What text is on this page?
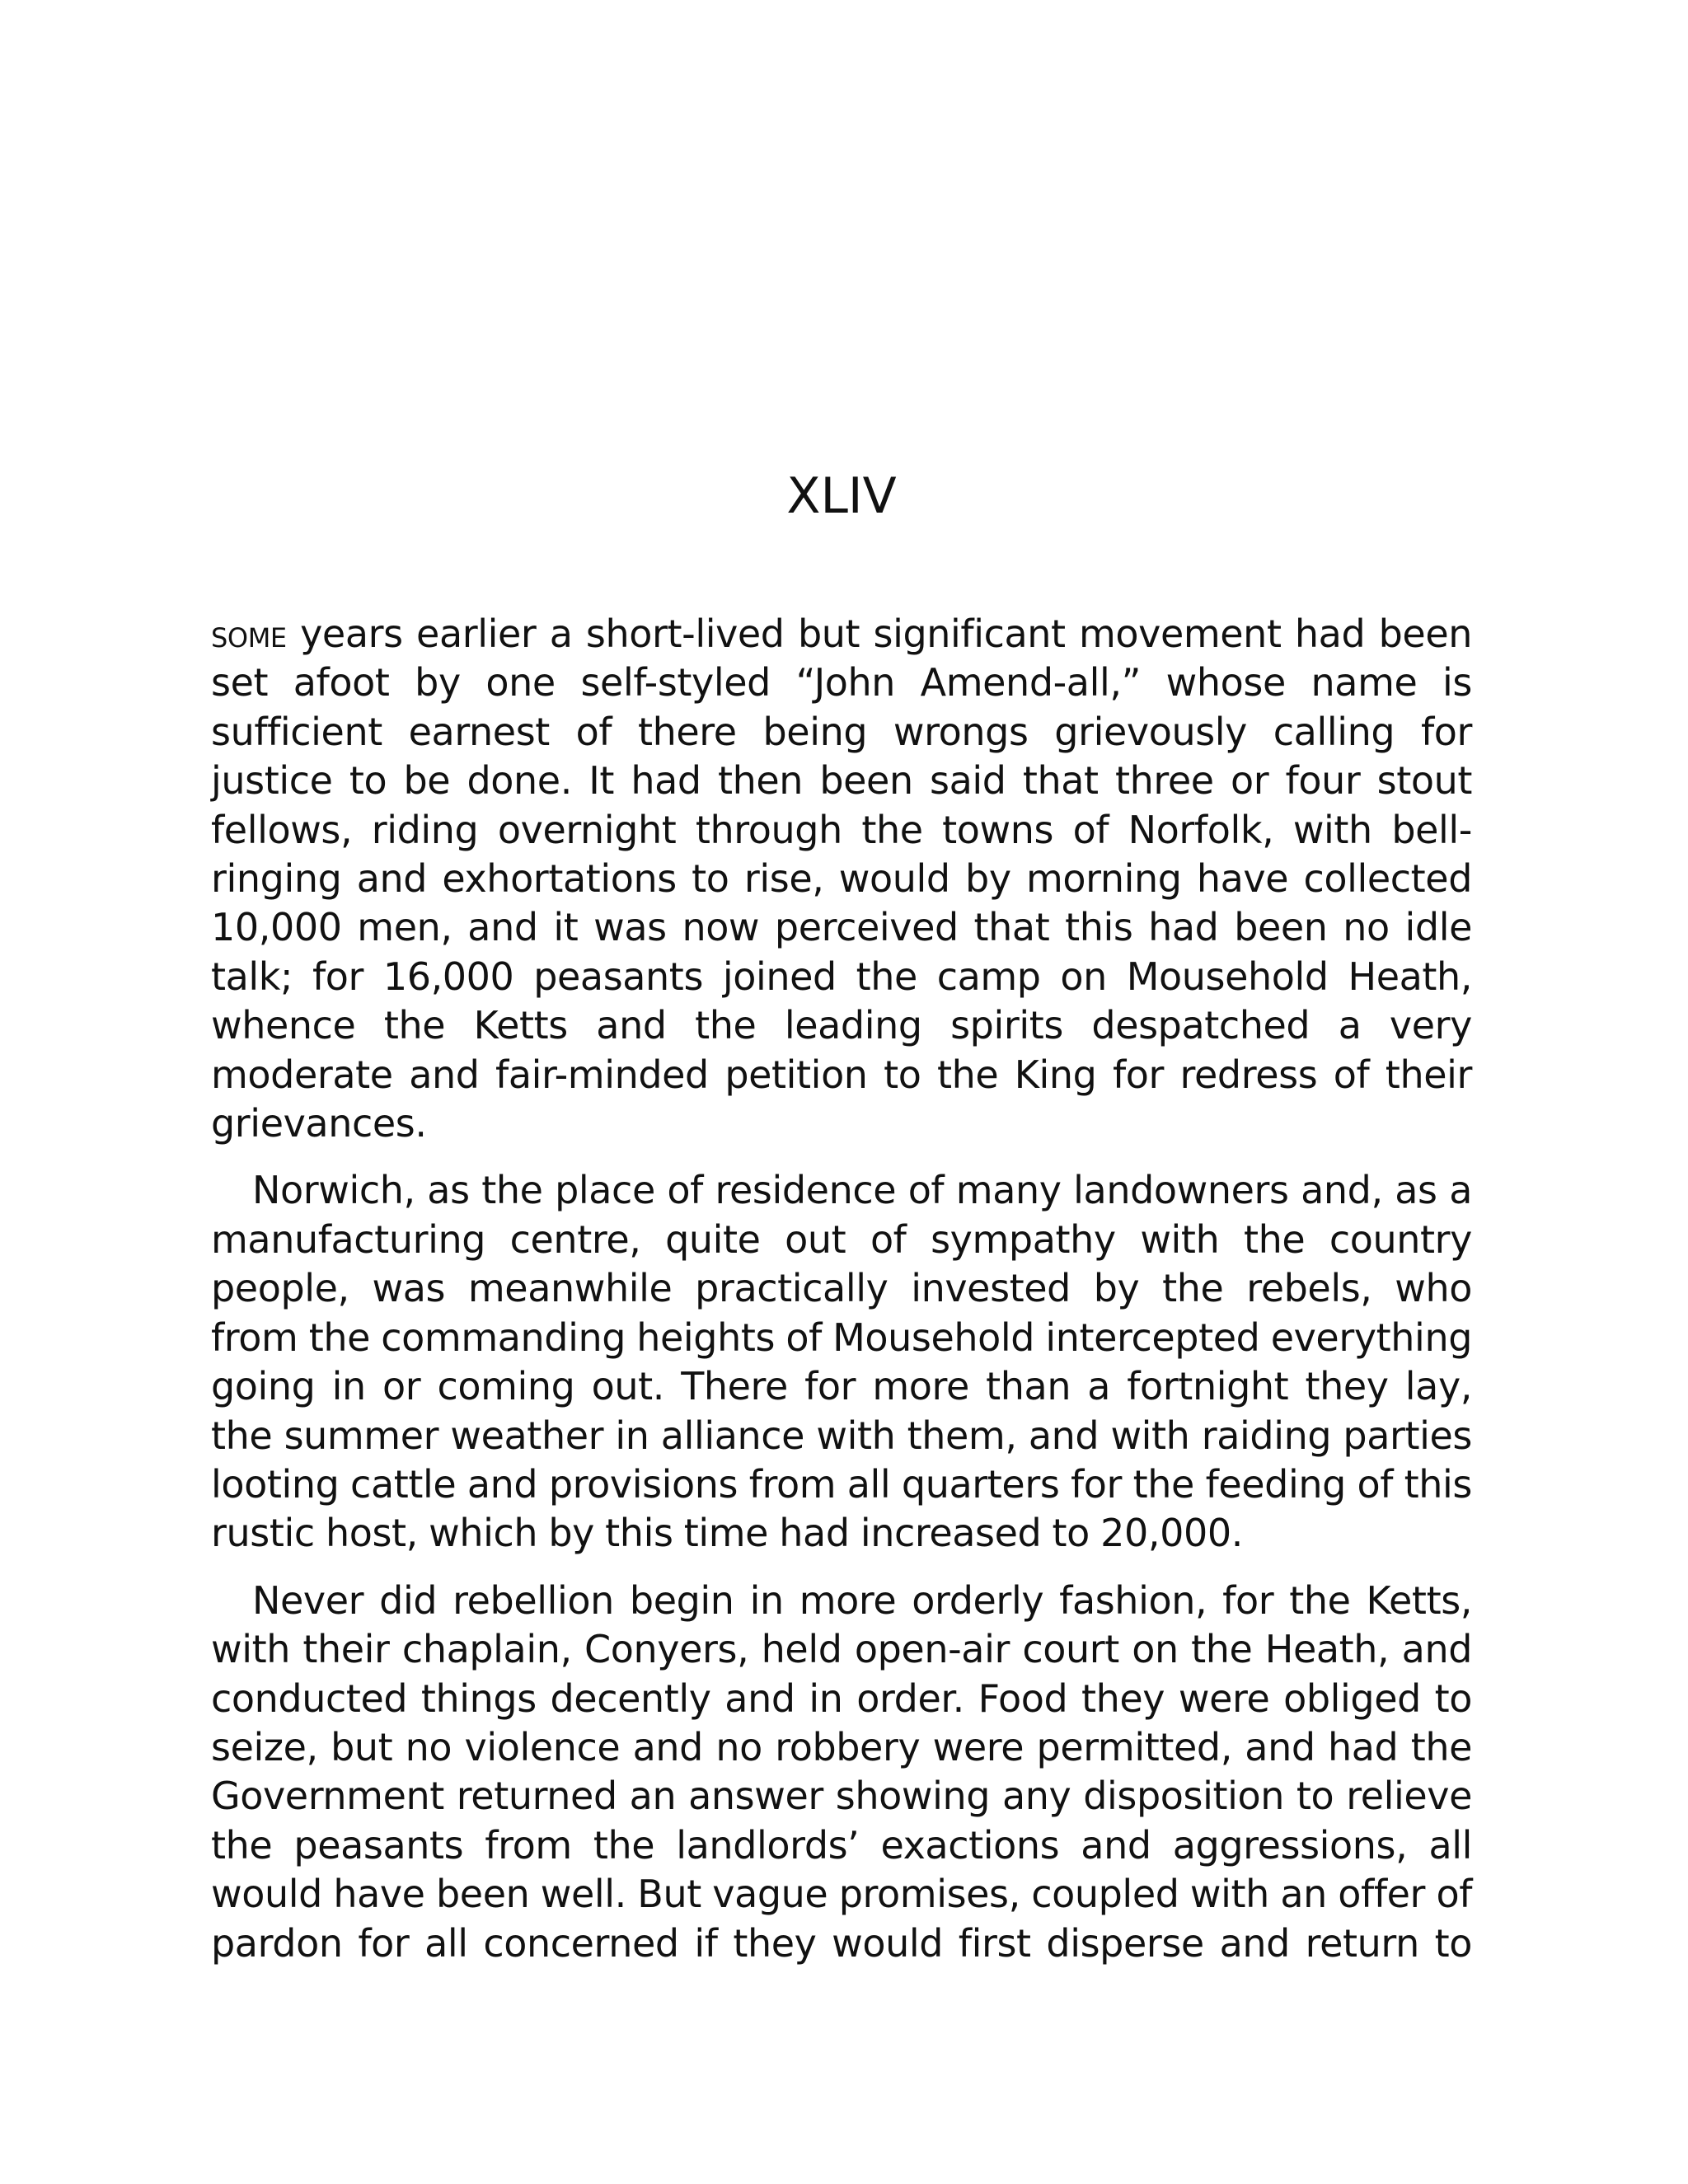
XLIV

some years earlier a short-lived but significant movement had been set afoot by one self-styled “John Amend-all,” whose name is sufficient earnest of there being wrongs grievously calling for justice to be done. It had then been said that three or four stout fellows, riding overnight through the towns of Norfolk, with bell-ringing and exhortations to rise, would by morning have collected 10,000 men, and it was now perceived that this had been no idle talk; for 16,000 peasants joined the camp on Mousehold Heath, whence the Ketts and the leading spirits despatched a very moderate and fair-minded petition to the King for redress of their grievances.

Norwich, as the place of residence of many landowners and, as a manufacturing centre, quite out of sympathy with the country people, was meanwhile practically invested by the rebels, who from the commanding heights of Mousehold intercepted everything going in or coming out. There for more than a fortnight they lay, the summer weather in alliance with them, and with raiding parties looting cattle and provisions from all quarters for the feeding of this rustic host, which by this time had increased to 20,000.

Never did rebellion begin in more orderly fashion, for the Ketts, with their chaplain, Conyers, held open-air court on the Heath, and conducted things decently and in order. Food they were obliged to seize, but no violence and no robbery were permitted, and had the Government returned an answer showing any disposition to relieve the peasants from the landlords’ exactions and aggressions, all would have been well. But vague promises, coupled with an offer of pardon for all concerned if they would first disperse and return to
